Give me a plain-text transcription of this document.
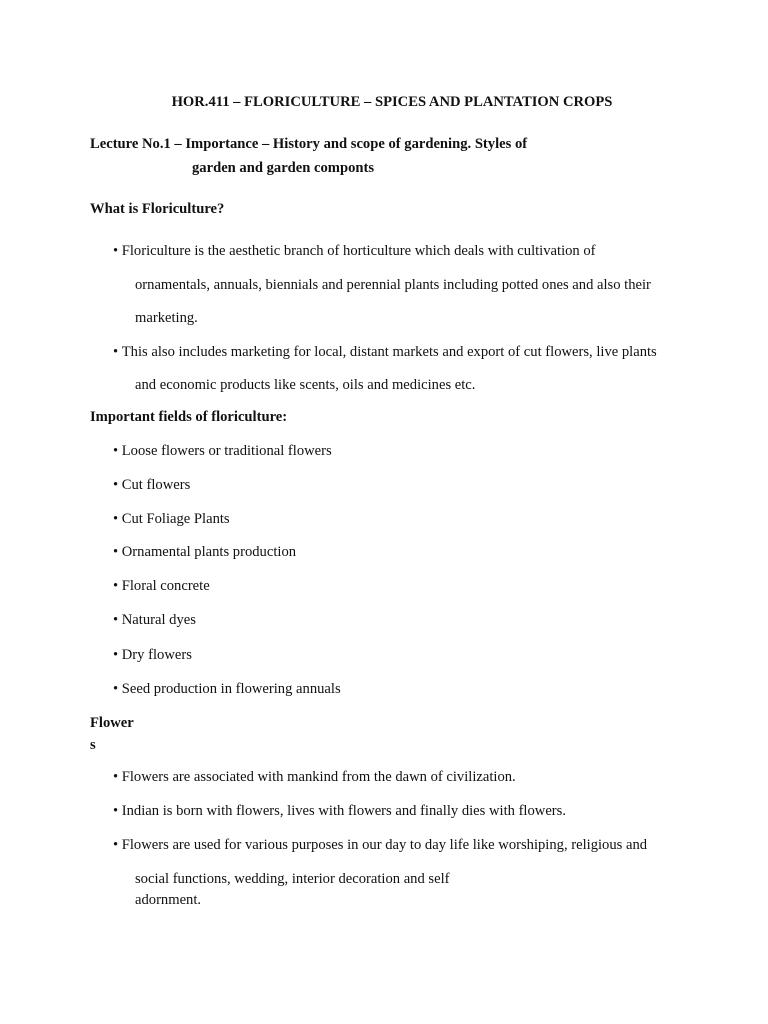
HOR.411 – FLORICULTURE – SPICES AND PLANTATION CROPS
Lecture No.1 – Importance – History and scope of gardening. Styles of
garden and garden componts
What is Floriculture?
• Floriculture is the aesthetic branch of horticulture which deals with cultivation of
ornamentals, annuals, biennials and perennial plants including potted ones and also their
marketing.
• This also includes marketing for local, distant markets and export of cut flowers, live plants
and economic products like scents, oils and medicines etc.
Important fields of floriculture:
• Loose flowers or traditional flowers
• Cut flowers
• Cut Foliage Plants
• Ornamental plants production
• Floral concrete
• Natural dyes
• Dry flowers
• Seed production in flowering annuals
Flower
s
• Flowers are associated with mankind from the dawn of civilization.
• Indian is born with flowers, lives with flowers and finally dies with flowers.
• Flowers are used for various purposes in our day to day life like worshiping, religious and
social functions, wedding, interior decoration and self
adornment.
